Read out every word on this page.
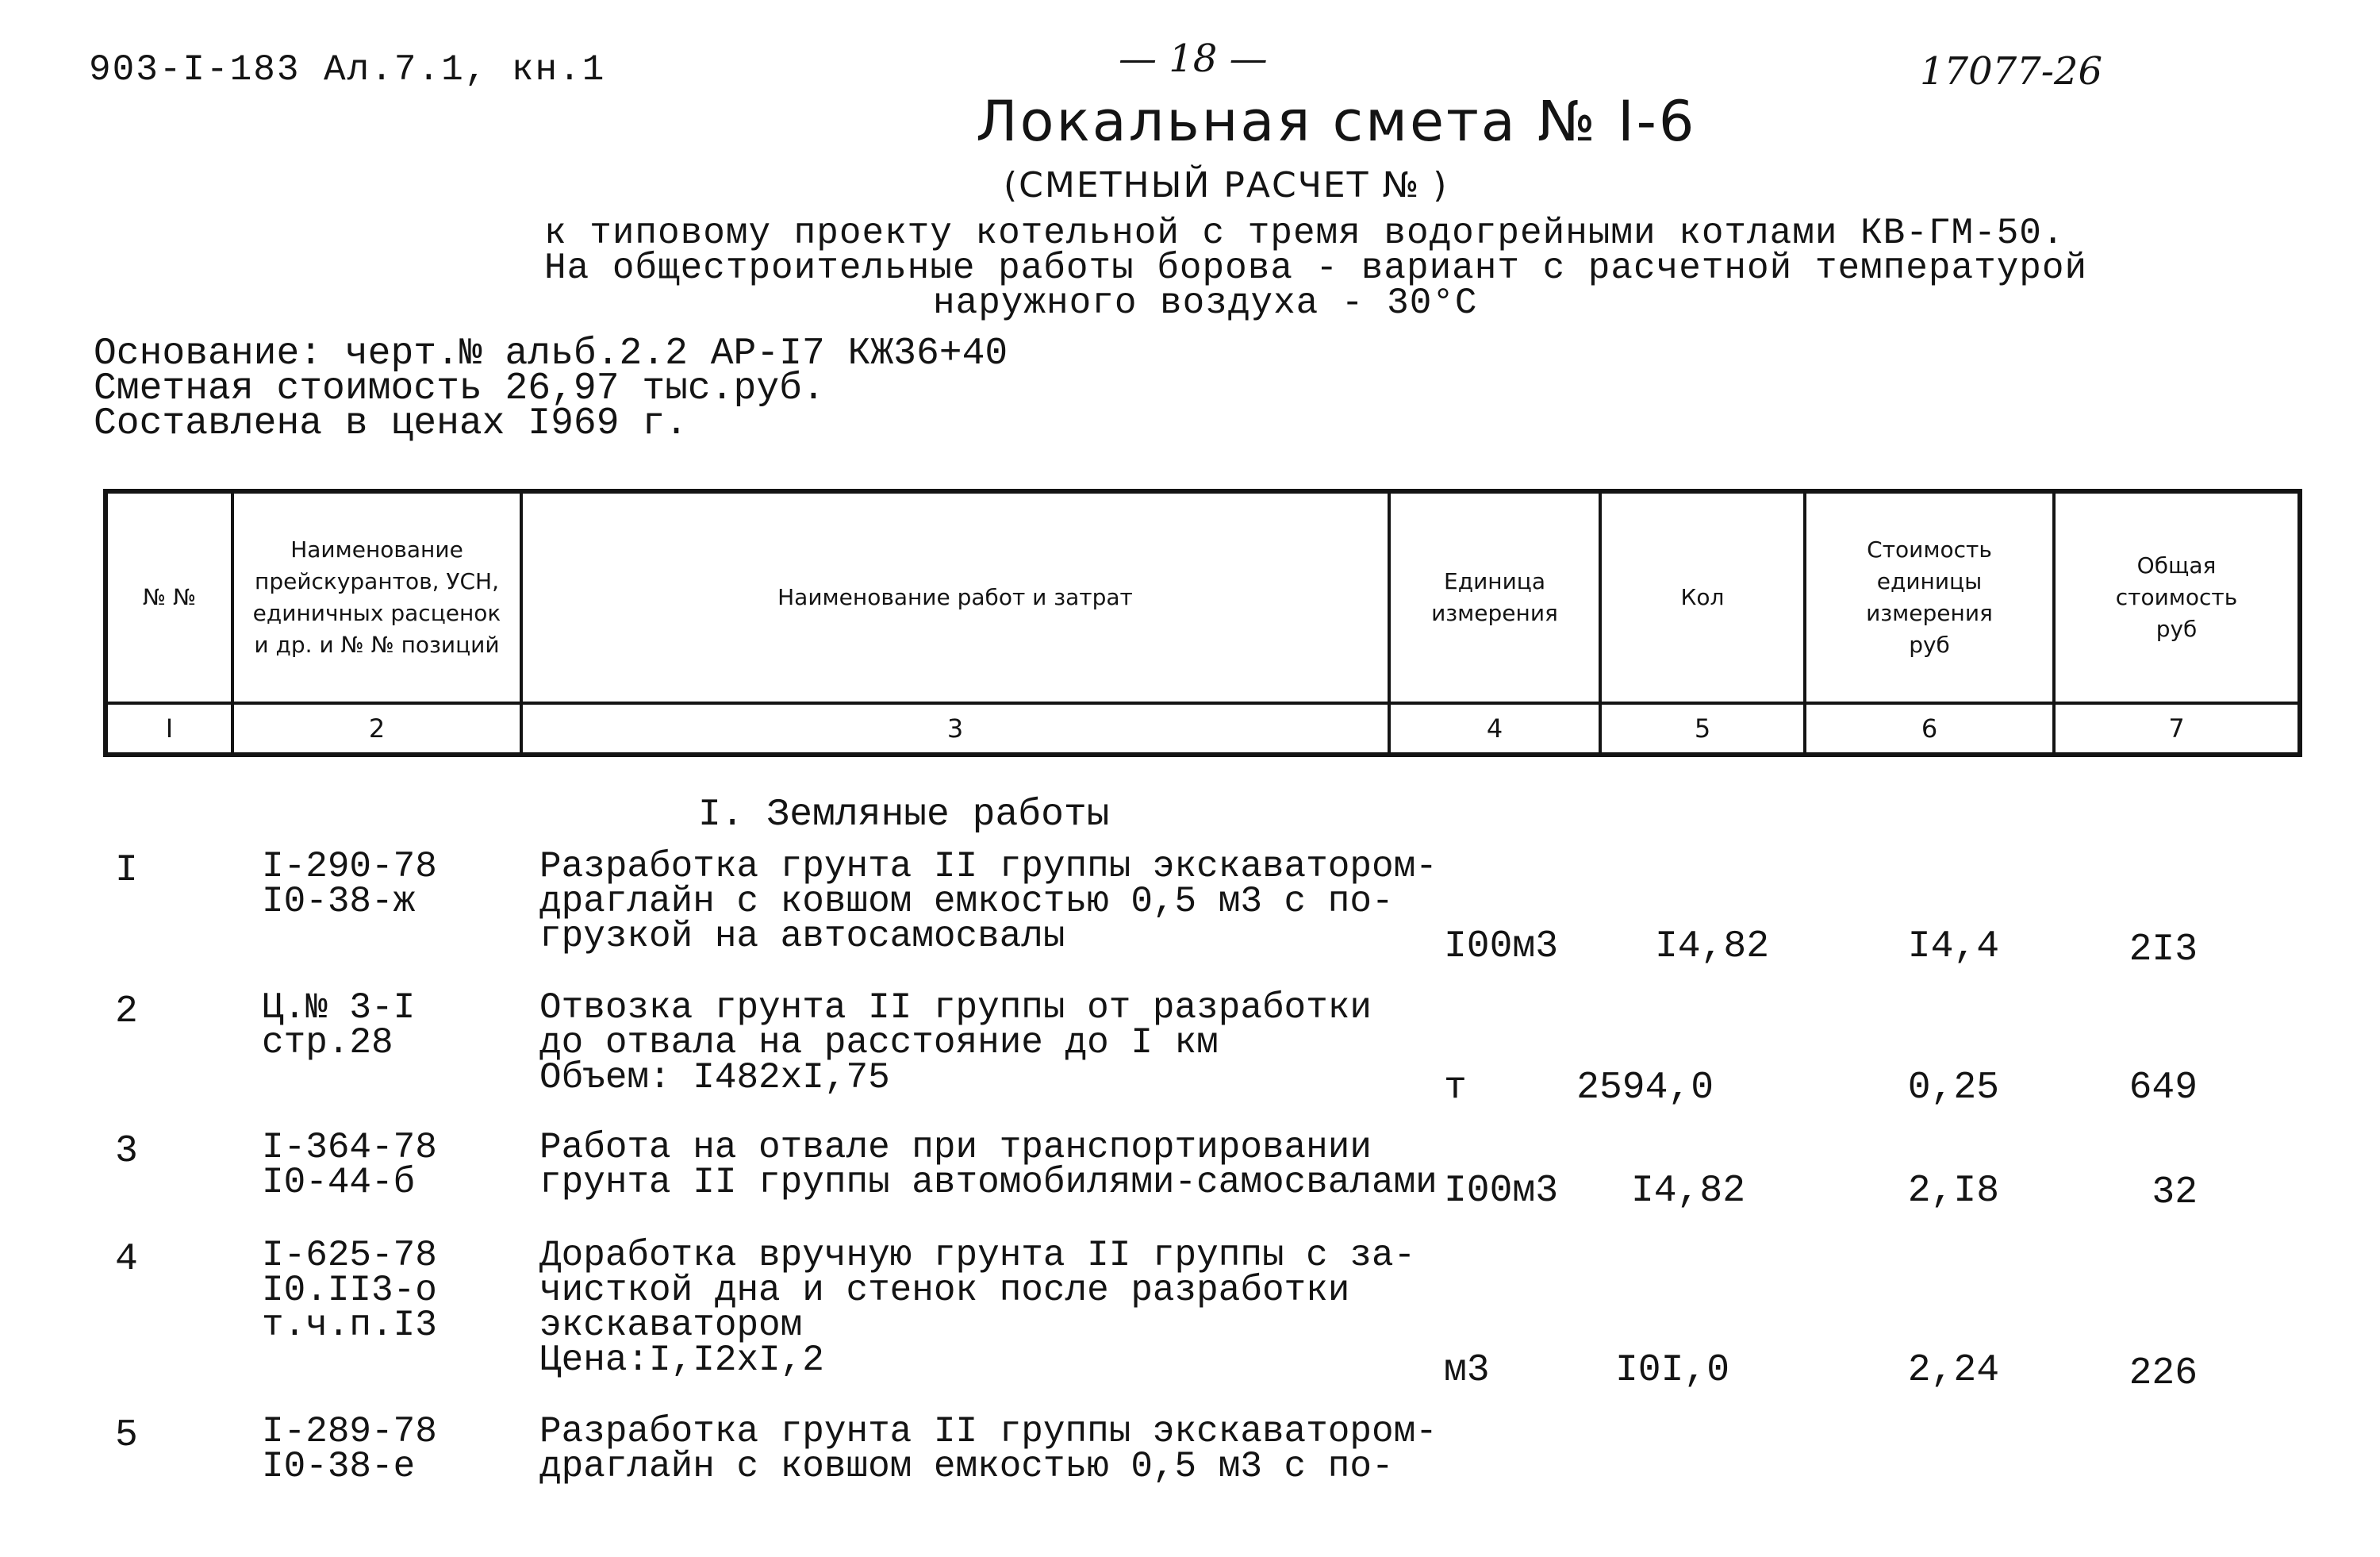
903-I-183 Ал.7.1, кн.1	— 18 —	17077-26
Локальная смета № I-6
(СМЕТНЫЙ РАСЧЕТ № )
к типовому проекту котельной с тремя водогрейными котлами КВ-ГМ-50.
На общестроительные работы борова - вариант с расчетной температурой
наружного воздуха - 30°С
Основание: черт.№ альб.2.2 АР-I7 КЖ36+40
Сметная стоимость 26,97 тыс.руб.
Составлена в ценах I969 г.
№ №	Наименование прейскурантов, УСН, единичных расценок и др. и № № позиций	Наименование работ и затрат	Единица измерения	Кол	Стоимость единицы измерения руб	Общая стоимость руб
I	2	3	4	5	6	7
I. Земляные работы
I	I-290-78
I0-38-ж
Разработка грунта II группы экскаватором-
драглайн с ковшом емкостью 0,5 м3 с по-
грузкой на автосамосвалы	I00м3	I4,82	I4,4	2I3
2	Ц.№ 3-I
стр.28
Отвозка грунта II группы от разработки
до отвала на расстояние до I км
Объем: I482хI,75	т	2594,0	0,25	649
3	I-364-78
I0-44-б
Работа на отвале при транспортировании
грунта II группы автомобилями-самосвалами I00м3	I4,82	2,I8	32
4	I-625-78
I0.II3-о
т.ч.п.I3
Доработка вручную грунта II группы с за-
чисткой дна и стенок после разработки
экскаватором
Цена:I,I2хI,2	м3	I0I,0	2,24	226
5	I-289-78
I0-38-е
Разработка грунта II группы экскаватором-
драглайн с ковшом емкостью 0,5 м3 с по-
